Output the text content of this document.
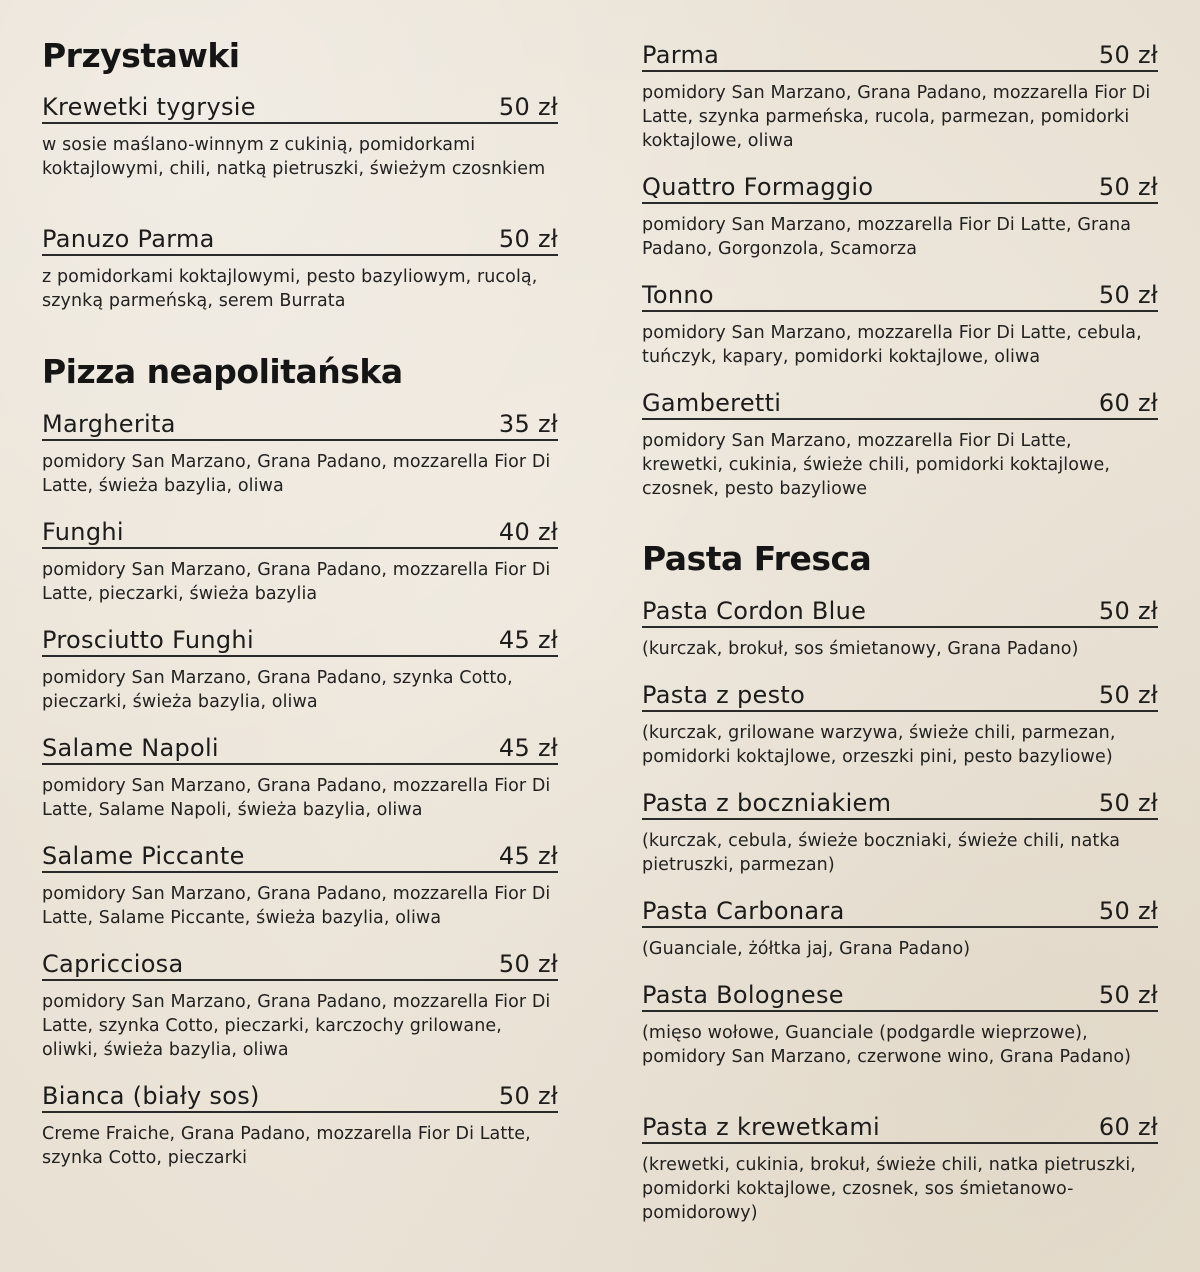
Przystawki
Krewetki tygrysie	50 zł
w sosie maślano-winnym z cukinią, pomidorkami koktajlowymi, chili, natką pietruszki, świeżym czosnkiem
Panuzo Parma	50 zł
z pomidorkami koktajlowymi, pesto bazyliowym, rucolą, szynką parmeńską, serem Burrata
Pizza neapolitańska
Margherita	35 zł
pomidory San Marzano, Grana Padano, mozzarella Fior Di Latte, świeża bazylia, oliwa
Funghi	40 zł
pomidory San Marzano, Grana Padano, mozzarella Fior Di Latte, pieczarki, świeża bazylia
Prosciutto Funghi	45 zł
pomidory San Marzano, Grana Padano, szynka Cotto, pieczarki, świeża bazylia, oliwa
Salame Napoli	45 zł
pomidory San Marzano, Grana Padano, mozzarella Fior Di Latte, Salame Napoli, świeża bazylia, oliwa
Salame Piccante	45 zł
pomidory San Marzano, Grana Padano, mozzarella Fior Di Latte, Salame Piccante, świeża bazylia, oliwa
Capricciosa	50 zł
pomidory San Marzano, Grana Padano, mozzarella Fior Di Latte, szynka Cotto, pieczarki, karczochy grilowane, oliwki, świeża bazylia, oliwa
Bianca (biały sos)	50 zł
Creme Fraiche, Grana Padano, mozzarella Fior Di Latte, szynka Cotto, pieczarki
Parma	50 zł
pomidory San Marzano, Grana Padano, mozzarella Fior Di Latte, szynka parmeńska, rucola, parmezan, pomidorki koktajlowe, oliwa
Quattro Formaggio	50 zł
pomidory San Marzano, mozzarella Fior Di Latte, Grana Padano, Gorgonzola, Scamorza
Tonno	50 zł
pomidory San Marzano, mozzarella Fior Di Latte, cebula, tuńczyk, kapary, pomidorki koktajlowe, oliwa
Gamberetti	60 zł
pomidory San Marzano, mozzarella Fior Di Latte, krewetki, cukinia, świeże chili, pomidorki koktajlowe, czosnek, pesto bazyliowe
Pasta Fresca
Pasta Cordon Blue	50 zł
(kurczak, brokuł, sos śmietanowy, Grana Padano)
Pasta z pesto	50 zł
(kurczak, grilowane warzywa, świeże chili, parmezan, pomidorki koktajlowe, orzeszki pini, pesto bazyliowe)
Pasta z boczniakiem	50 zł
(kurczak, cebula, świeże boczniaki, świeże chili, natka pietruszki, parmezan)
Pasta Carbonara	50 zł
(Guanciale, żółtka jaj, Grana Padano)
Pasta Bolognese	50 zł
(mięso wołowe, Guanciale (podgardle wieprzowe), pomidory San Marzano, czerwone wino, Grana Padano)
Pasta z krewetkami	60 zł
(krewetki, cukinia, brokuł, świeże chili, natka pietruszki, pomidorki koktajlowe, czosnek, sos śmietanowo-pomidorowy)
